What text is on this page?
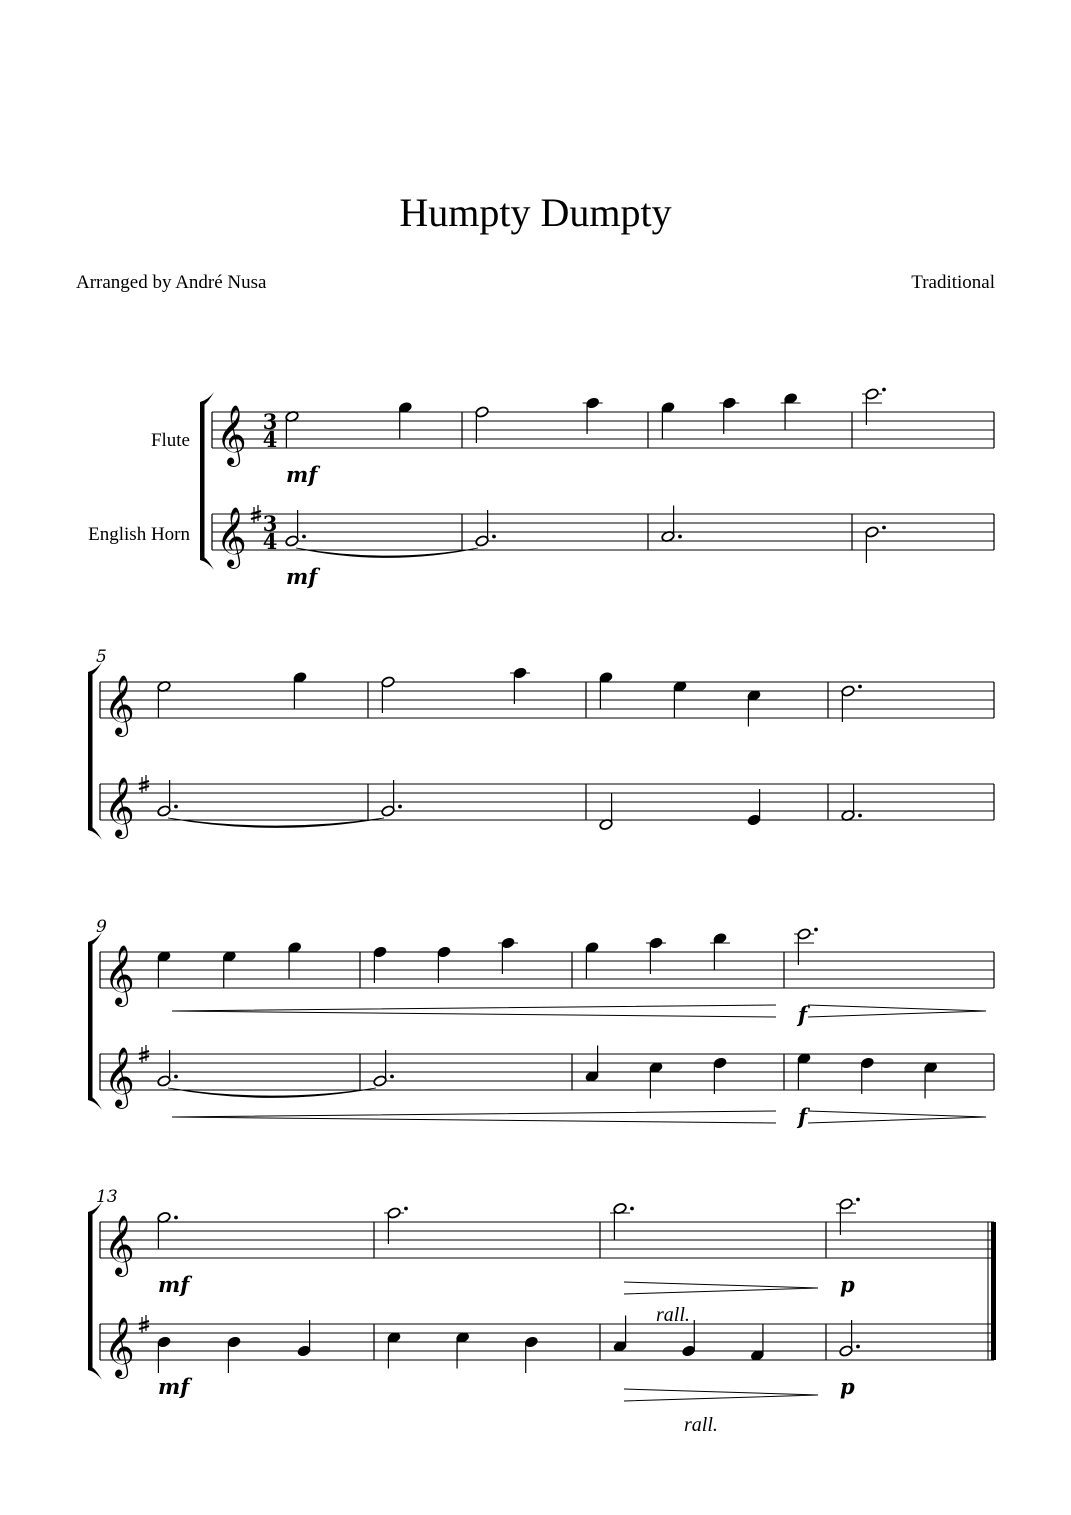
Humpty Dumpty
Arranged by André Nusa	Traditional
𝄞
𝄞
3
4
3
4
Flute
English Horn
mf
mf
𝄞
𝄞
5
𝄞
𝄞
9
f
f
𝄞
𝄞
13
mf	p
mf	p
rall.
rall.
